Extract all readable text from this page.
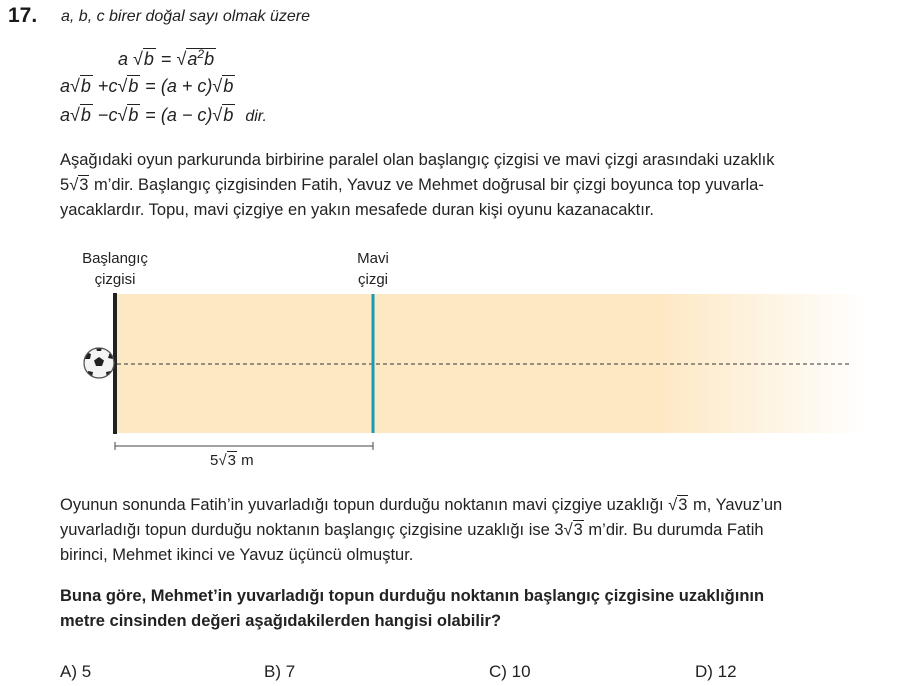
17. a, b, c birer doğal sayı olmak üzere
a $√b = √a^2b$
a√b +c√b = (a + c)√b
a√b −c√b = (a − c)√b dir.
Aşağıdaki oyun parkurunda birbirine paralel olan başlangıç çizgisi ve mavi çizgi arasındaki uzaklık
5√3 m’dir. Başlangıç çizgisinden Fatih, Yavuz ve Mehmet doğrusal bir çizgi boyunca top yuvarla-
yacaklardır. Topu, mavi çizgiye en yakın mesafede duran kişi oyunu kazanacaktır.
Başlangıç
çizgisi
Mavi
çizgi
5√3 m
Oyunun sonunda Fatih’in yuvarladığı topun durduğu noktanın mavi çizgiye uzaklığı √3 m, Yavuz’un
yuvarladığı topun durduğu noktanın başlangıç çizgisine uzaklığı ise 3√3 m’dir. Bu durumda Fatih
birinci, Mehmet ikinci ve Yavuz üçüncü olmuştur.
Buna göre, Mehmet’in yuvarladığı topun durduğu noktanın başlangıç çizgisine uzaklığının
metre cinsinden değeri aşağıdakilerden hangisi olabilir?
A) 5	B) 7	C) 10	D) 12
